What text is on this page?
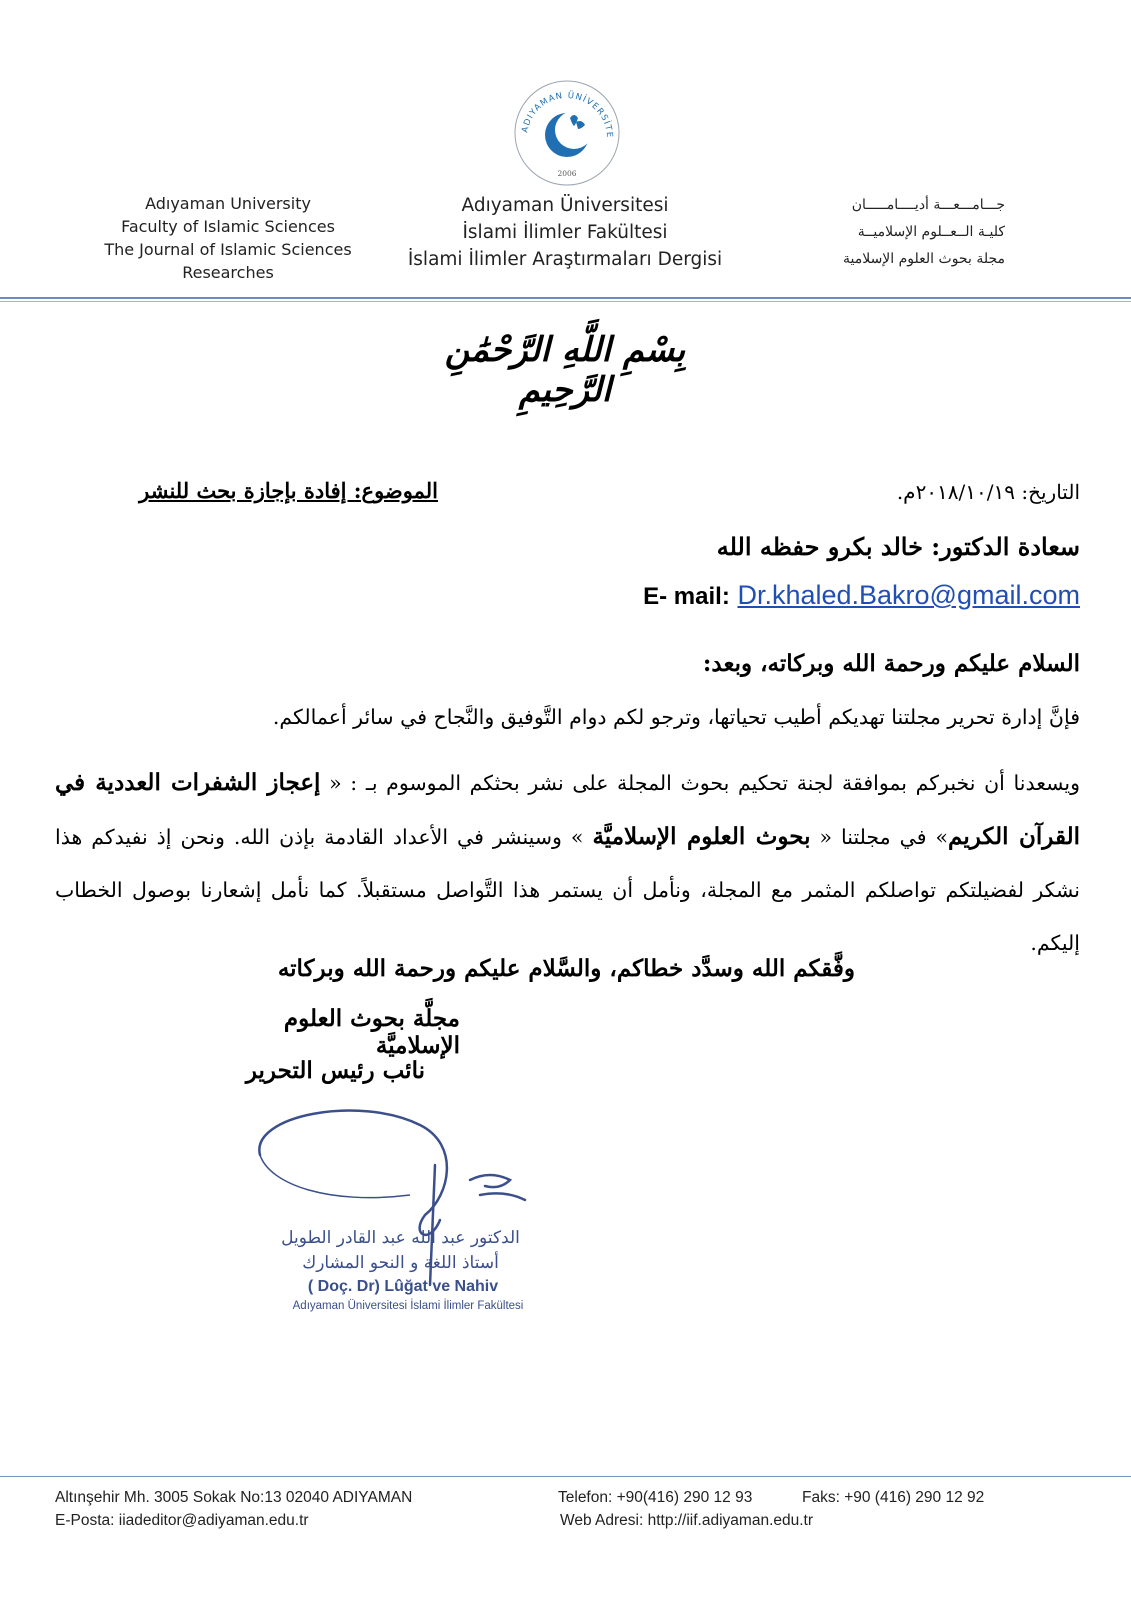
ADIYAMAN ÜNİVERSİTE
2006
Adıyaman University
Faculty of Islamic Sciences
The Journal of Islamic Sciences
Researches
Adıyaman Üniversitesi
İslami İlimler Fakültesi
İslami İlimler Araştırmaları Dergisi
جـــامـــعـــة أديــــامـــــان
كليـة الــعــلوم الإسلاميــة
مجلة بحوث العلوم الإسلامية
بِسْمِ اللَّهِ الرَّحْمَٰنِ الرَّحِيمِ
التاريخ: ٢٠١٨/١٠/١٩م.
الموضوع: إفادة بإجازة بحث للنشر
سعادة الدكتور: خالد بكرو حفظه الله
E- mail: Dr.khaled.Bakro@gmail.com
السلام عليكم ورحمة الله وبركاته، وبعد:
فإنَّ إدارة تحرير مجلتنا تهديكم أطيب تحياتها، وترجو لكم دوام التَّوفيق والنَّجاح في سائر أعمالكم.
ويسعدنا أن نخبركم بموافقة لجنة تحكيم بحوث المجلة على نشر بحثكم الموسوم بـ : « إعجاز الشفرات العددية في القرآن الكريم» في مجلتنا « بحوث العلوم الإسلاميَّة » وسينشر في الأعداد القادمة بإذن الله. ونحن إذ نفيدكم هذا نشكر لفضيلتكم تواصلكم المثمر مع المجلة، ونأمل أن يستمر هذا التَّواصل مستقبلاً. كما نأمل إشعارنا بوصول الخطاب إليكم.
وفَّقكم الله وسدَّد خطاكم، والسَّلام عليكم ورحمة الله وبركاته
مجلَّة بحوث العلوم الإسلاميَّة
نائب رئيس التحرير
الدكتور عبد الله عبد القادر الطويل
أستاذ اللغة و النحو المشارك
( Doç. Dr) Lûğat ve Nahiv
Adıyaman Üniversitesi İslami İlimler Fakültesi
Altınşehir Mh. 3005 Sokak No:13 02040 ADIYAMAN
E-Posta: iiadeditor@adiyaman.edu.tr
Telefon: +90(416) 290 12 93	Faks: +90 (416) 290 12 92
Web Adresi: http://iif.adiyaman.edu.tr
